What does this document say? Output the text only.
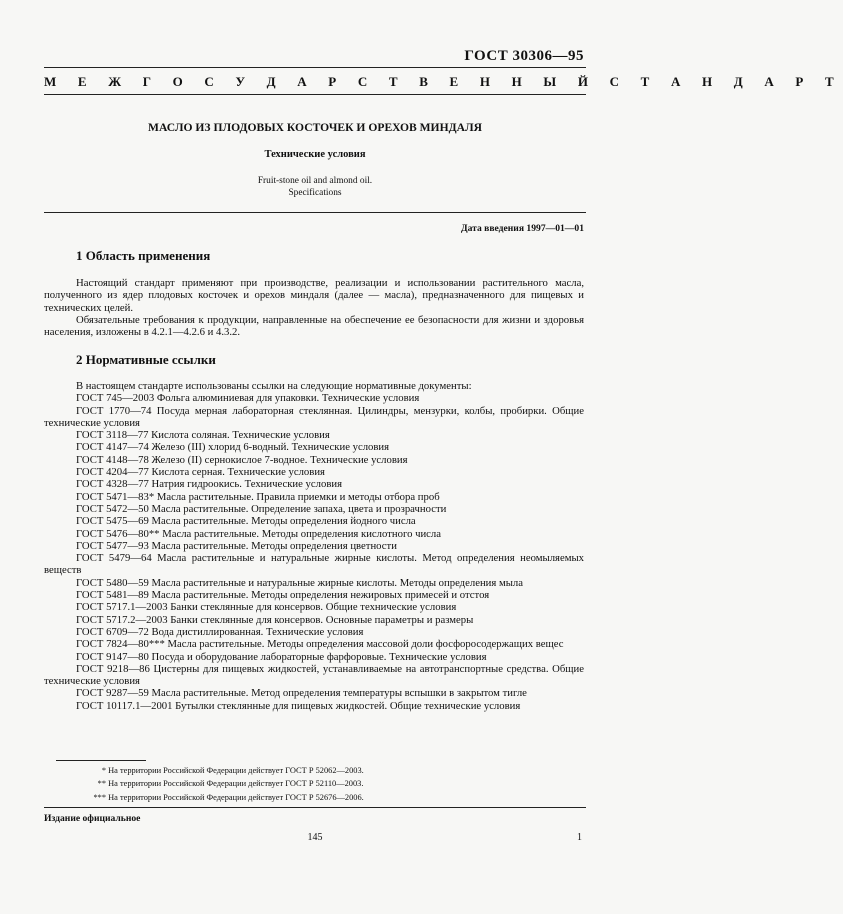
ГОСТ 30306—95
М Е Ж Г О С У Д А Р С Т В Е Н Н Ы Й С Т А Н Д А Р Т
МАСЛО ИЗ ПЛОДОВЫХ КОСТОЧЕК И ОРЕХОВ МИНДАЛЯ
Технические условия
Fruit-stone oil and almond oil.
Specifications
Дата введения 1997—01—01
1 Область применения
Настоящий стандарт применяют при производстве, реализации и использовании растительного масла, полученного из ядер плодовых косточек и орехов миндаля (далее — масла), предназначенного для пищевых и технических целей.
Обязательные требования к продукции, направленные на обеспечение ее безопасности для жизни и здоровья населения, изложены в 4.2.1—4.2.6 и 4.3.2.
2 Нормативные ссылки

В настоящем стандарте использованы ссылки на следующие нормативные документы:

ГОСТ 745—2003 Фольга алюминиевая для упаковки. Технические условия

ГОСТ 1770—74 Посуда мерная лабораторная стеклянная. Цилиндры, мензурки, колбы, пробирки. Общие технические условия

ГОСТ 3118—77 Кислота соляная. Технические условия

ГОСТ 4147—74 Железо (III) хлорид 6-водный. Технические условия

ГОСТ 4148—78 Железо (II) сернокислое 7-водное. Технические условия

ГОСТ 4204—77 Кислота серная. Технические условия

ГОСТ 4328—77 Натрия гидроокись. Технические условия

ГОСТ 5471—83* Масла растительные. Правила приемки и методы отбора проб

ГОСТ 5472—50 Масла растительные. Определение запаха, цвета и прозрачности

ГОСТ 5475—69 Масла растительные. Методы определения йодного числа

ГОСТ 5476—80** Масла растительные. Методы определения кислотного числа

ГОСТ 5477—93 Масла растительные. Методы определения цветности

ГОСТ 5479—64 Масла растительные и натуральные жирные кислоты. Метод определения неомыляемых веществ

ГОСТ 5480—59 Масла растительные и натуральные жирные кислоты. Методы определения мыла

ГОСТ 5481—89 Масла растительные. Методы определения нежировых примесей и отстоя

ГОСТ 5717.1—2003 Банки стеклянные для консервов. Общие технические условия

ГОСТ 5717.2—2003 Банки стеклянные для консервов. Основные параметры и размеры

ГОСТ 6709—72 Вода дистиллированная. Технические условия

ГОСТ 7824—80*** Масла растительные. Методы определения массовой доли фосфоросодержащих вещес

ГОСТ 9147—80 Посуда и оборудование лабораторные фарфоровые. Технические условия

ГОСТ 9218—86 Цистерны для пищевых жидкостей, устанавливаемые на автотранспортные средства. Общие технические условия

ГОСТ 9287—59 Масла растительные. Метод определения температуры вспышки в закрытом тигле

ГОСТ 10117.1—2001 Бутылки стеклянные для пищевых жидкостей. Общие технические условия

* На территории Российской Федерации действует ГОСТ Р 52062—2003.

** На территории Российской Федерации действует ГОСТ Р 52110—2003.

*** На территории Российской Федерации действует ГОСТ Р 52676—2006.

Издание официальное
145	1
